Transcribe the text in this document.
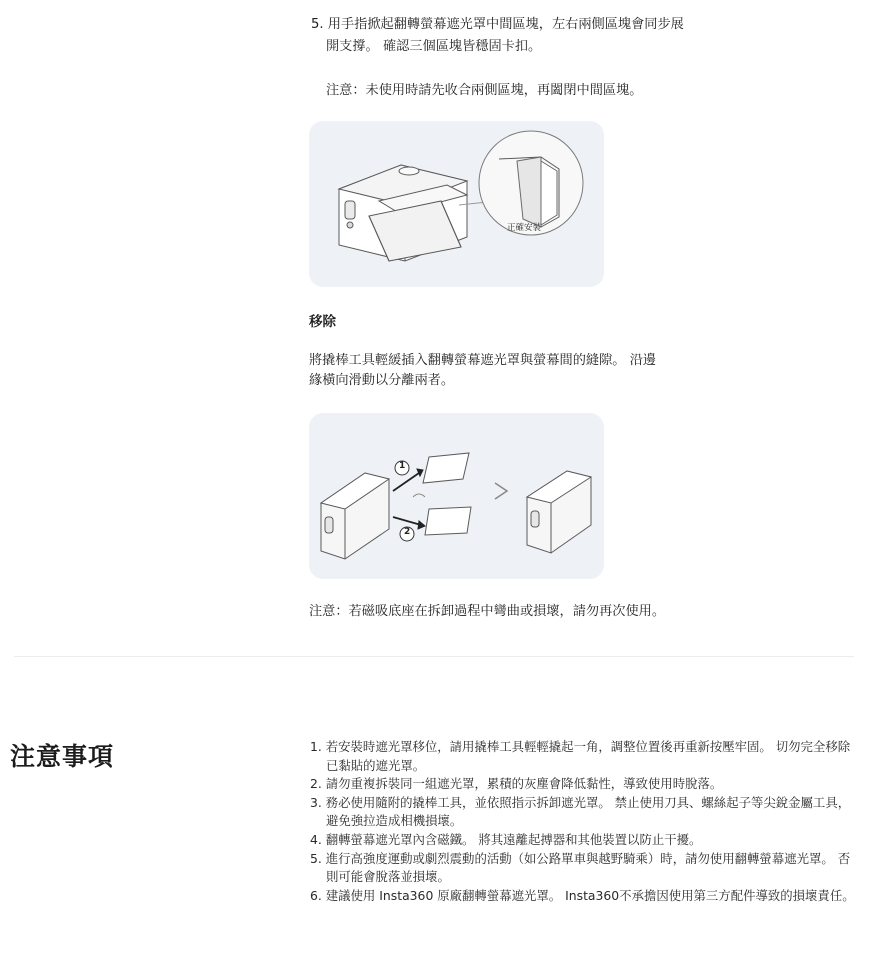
5. 用手指掀起翻轉螢幕遮光罩中間區塊，左右兩側區塊會同步展
開支撐。 確認三個區塊皆穩固卡扣。
注意：未使用時請先收合兩側區塊，再闔閉中間區塊。
正確安裝
移除
將撬棒工具輕緩插入翻轉螢幕遮光罩與螢幕間的縫隙。 沿邊
緣橫向滑動以分離兩者。
1
2
注意：若磁吸底座在拆卸過程中彎曲或損壞，請勿再次使用。
注意事項	1. 若安裝時遮光罩移位，請用撬棒工具輕輕撬起一角，調整位置後再重新按壓牢固。 切勿完全移除已黏貼的遮光罩。
2. 請勿重複拆裝同一組遮光罩，累積的灰塵會降低黏性，導致使用時脫落。
3. 務必使用隨附的撬棒工具，並依照指示拆卸遮光罩。 禁止使用刀具、螺絲起子等尖銳金屬工具，避免強拉造成相機損壞。
4. 翻轉螢幕遮光罩內含磁鐵。 將其遠離起搏器和其他裝置以防止干擾。
5. 進行高強度運動或劇烈震動的活動（如公路單車與越野騎乘）時，請勿使用翻轉螢幕遮光罩。 否則可能會脫落並損壞。
6. 建議使用 Insta360 原廠翻轉螢幕遮光罩。 Insta360不承擔因使用第三方配件導致的損壞責任。
